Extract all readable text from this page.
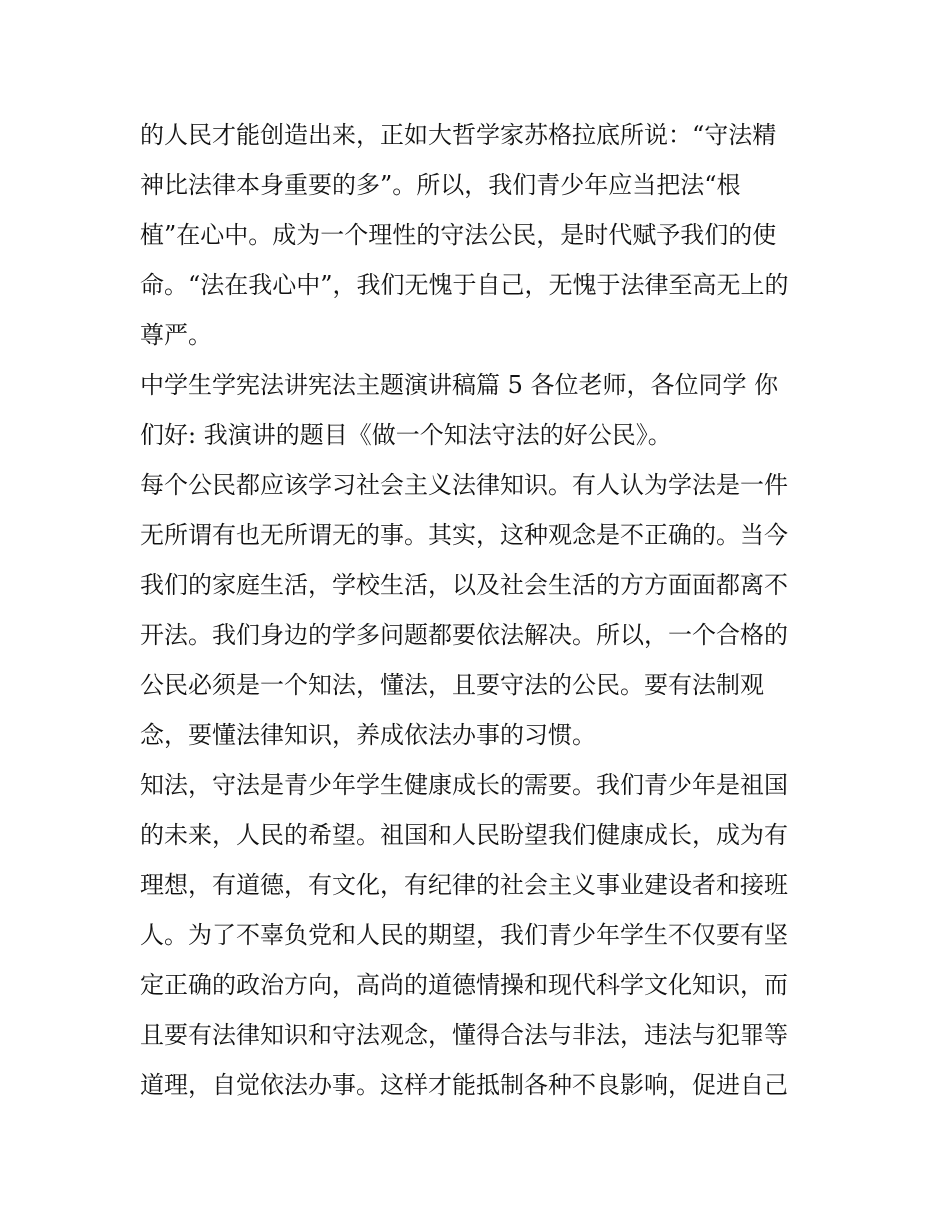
的人民才能创造出来，正如大哲学家苏格拉底所说：“守法精
神比法律本身重要的多”。所以，我们青少年应当把法“根
植”在心中。成为一个理性的守法公民，是时代赋予我们的使
命。“法在我心中”，我们无愧于自己，无愧于法律至高无上的
尊严。
中学生学宪法讲宪法主题演讲稿篇 5 各位老师，各位同学 你
们好: 我演讲的题目《做一个知法守法的好公民》。
每个公民都应该学习社会主义法律知识。有人认为学法是一件
无所谓有也无所谓无的事。其实，这种观念是不正确的。当今
我们的家庭生活，学校生活，以及社会生活的方方面面都离不
开法。我们身边的学多问题都要依法解决。所以，一个合格的
公民必须是一个知法，懂法，且要守法的公民。要有法制观
念，要懂法律知识，养成依法办事的习惯。
知法，守法是青少年学生健康成长的需要。我们青少年是祖国
的未来，人民的希望。祖国和人民盼望我们健康成长，成为有
理想，有道德，有文化，有纪律的社会主义事业建设者和接班
人。为了不辜负党和人民的期望，我们青少年学生不仅要有坚
定正确的政治方向，高尚的道德情操和现代科学文化知识，而
且要有法律知识和守法观念，懂得合法与非法，违法与犯罪等
道理，自觉依法办事。这样才能抵制各种不良影响，促进自己
